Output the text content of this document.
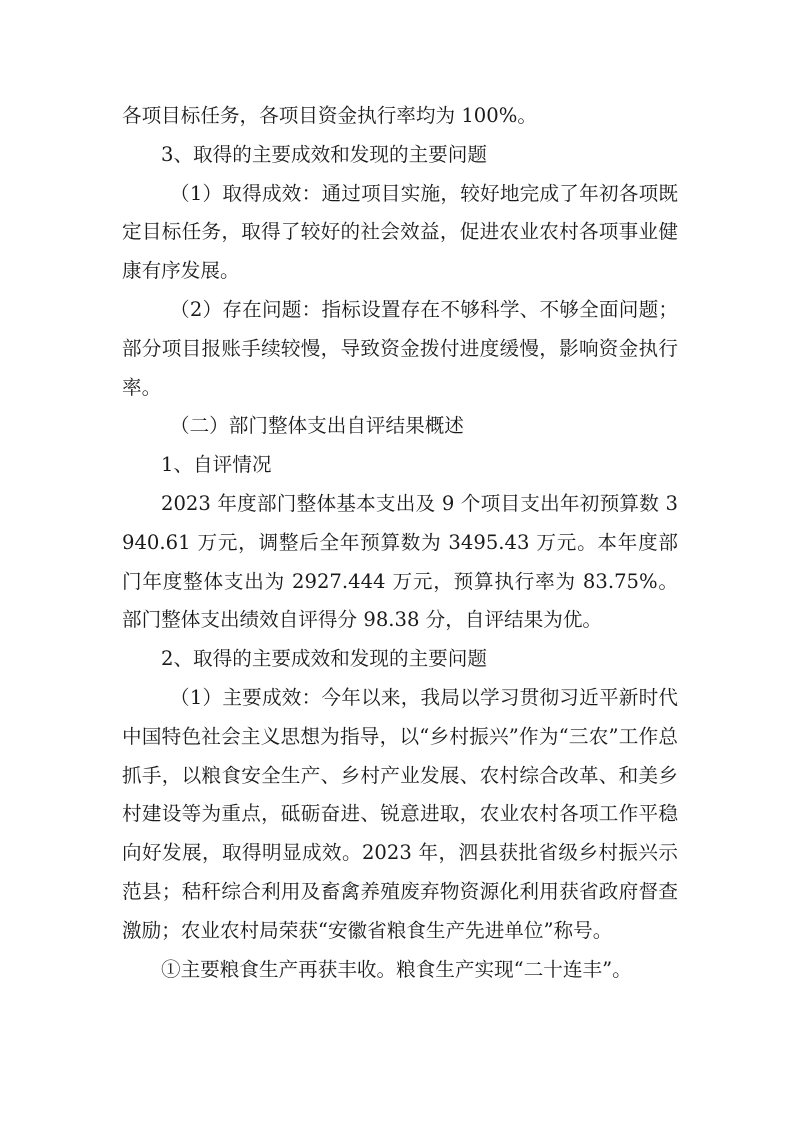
各项目标任务，各项目资金执行率均为 100%。

3、取得的主要成效和发现的主要问题

（1）取得成效：通过项目实施，较好地完成了年初各项既定目标任务，取得了较好的社会效益，促进农业农村各项事业健康有序发展。

（2）存在问题：指标设置存在不够科学、不够全面问题；部分项目报账手续较慢，导致资金拨付进度缓慢，影响资金执行率。

（二）部门整体支出自评结果概述

1、自评情况

2023 年度部门整体基本支出及 9 个项目支出年初预算数 3940.61 万元，调整后全年预算数为 3495.43 万元。本年度部门年度整体支出为 2927.444 万元，预算执行率为 83.75%。部门整体支出绩效自评得分 98.38 分，自评结果为优。

2、取得的主要成效和发现的主要问题

（1）主要成效：今年以来，我局以学习贯彻习近平新时代中国特色社会主义思想为指导，以“乡村振兴”作为“三农”工作总抓手，以粮食安全生产、乡村产业发展、农村综合改革、和美乡村建设等为重点，砥砺奋进、锐意进取，农业农村各项工作平稳向好发展，取得明显成效。2023 年，泗县获批省级乡村振兴示范县；秸秆综合利用及畜禽养殖废弃物资源化利用获省政府督查激励；农业农村局荣获“安徽省粮食生产先进单位”称号。

①主要粮食生产再获丰收。粮食生产实现“二十连丰”。
